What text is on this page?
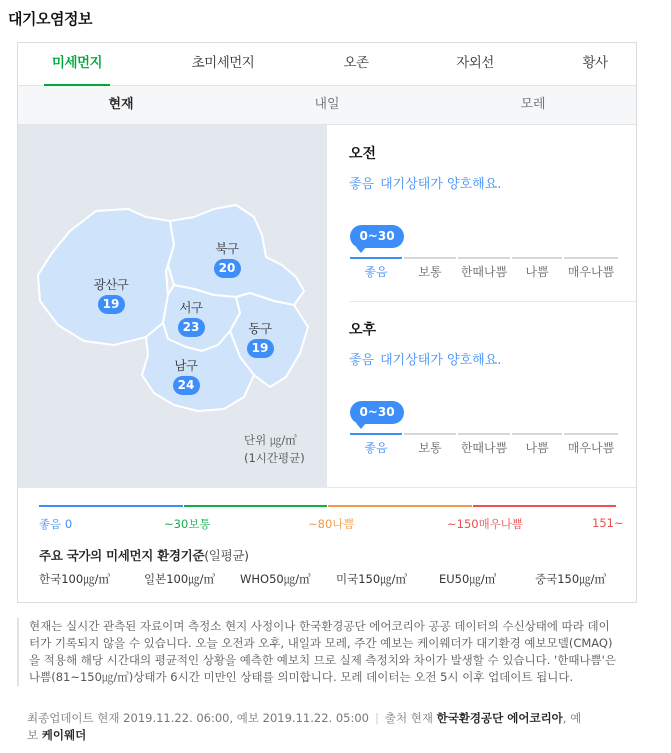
대기오염정보
미세먼지	초미세먼지	오존	자외선	황사
현재	내일	모레
북구
20
광산구
19	서구
23	동구
19
남구
24
단위 ㎍/㎥
(1시간평균)
오전
좋음 대기상태가 양호해요.
0~30
좋음	보통	한때나쁨	나쁨	매우나쁨
오후
좋음 대기상태가 양호해요.
0~30
좋음	보통	한때나쁨	나쁨	매우나쁨
좋음 0	~30보통	~80나쁨	~150매우나쁨	151~
주요 국가의 미세먼지 환경기준(일평균)
한국100㎍/㎥	일본100㎍/㎥ WHO50㎍/㎥ 미국150㎍/㎥	EU50㎍/㎥	중국150㎍/㎥
현재는 실시간 관측된 자료이며 측정소 현지 사정이나 한국환경공단 에어코리아 공공 데이터의 수신상태에 따라 데이터가 기록되지 않을 수 있습니다. 오늘 오전과 오후, 내일과 모레, 주간 예보는 케이웨더가 대기환경 예보모델(CMAQ)을 적용해 해당 시간대의 평균적인 상황을 예측한 예보치 므로 실제 측정치와 차이가 발생할 수 있습니다. '한때나쁨'은 나쁨(81~150㎍/㎥)상태가 6시간 미만인 상태를 의미합니다. 모레 데이터는 오전 5시 이후 업데이트 됩니다.
최종업데이트 현재 2019.11.22. 06:00, 예보 2019.11.22. 05:00 | 출처 현재 한국환경공단 에어코리아, 예보 케이웨더
